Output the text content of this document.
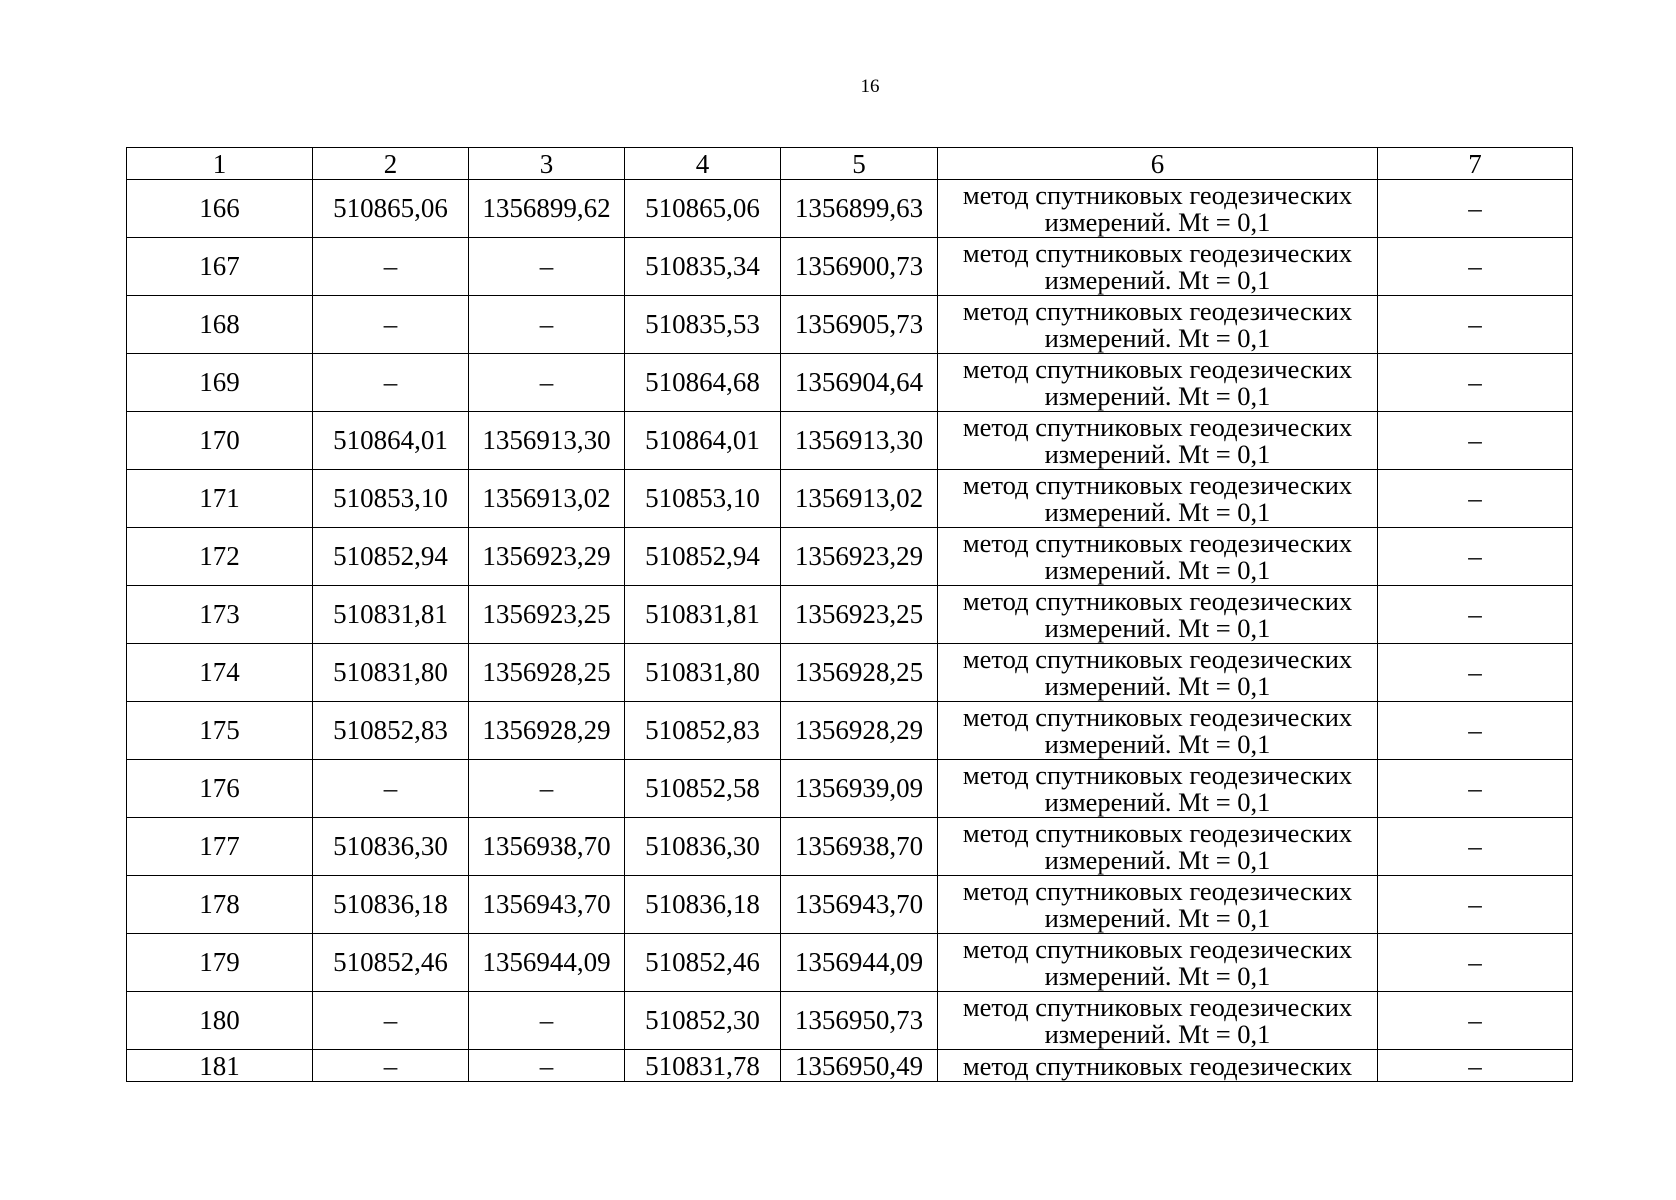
16
1	2	3	4	5	6	7
166	510865,06	1356899,62	510865,06	1356899,63	метод спутниковых геодезических измерений. Mt = 0,1	–
167	–	–	510835,34	1356900,73	метод спутниковых геодезических измерений. Mt = 0,1	–
168	–	–	510835,53	1356905,73	метод спутниковых геодезических измерений. Mt = 0,1	–
169	–	–	510864,68	1356904,64	метод спутниковых геодезических измерений. Mt = 0,1	–
170	510864,01	1356913,30	510864,01	1356913,30	метод спутниковых геодезических измерений. Mt = 0,1	–
171	510853,10	1356913,02	510853,10	1356913,02	метод спутниковых геодезических измерений. Mt = 0,1	–
172	510852,94	1356923,29	510852,94	1356923,29	метод спутниковых геодезических измерений. Mt = 0,1	–
173	510831,81	1356923,25	510831,81	1356923,25	метод спутниковых геодезических измерений. Mt = 0,1	–
174	510831,80	1356928,25	510831,80	1356928,25	метод спутниковых геодезических измерений. Mt = 0,1	–
175	510852,83	1356928,29	510852,83	1356928,29	метод спутниковых геодезических измерений. Mt = 0,1	–
176	–	–	510852,58	1356939,09	метод спутниковых геодезических измерений. Mt = 0,1	–
177	510836,30	1356938,70	510836,30	1356938,70	метод спутниковых геодезических измерений. Mt = 0,1	–
178	510836,18	1356943,70	510836,18	1356943,70	метод спутниковых геодезических измерений. Mt = 0,1	–
179	510852,46	1356944,09	510852,46	1356944,09	метод спутниковых геодезических измерений. Mt = 0,1	–
180	–	–	510852,30	1356950,73	метод спутниковых геодезических измерений. Mt = 0,1	–
181	–	–	510831,78	1356950,49	метод спутниковых геодезических	–
